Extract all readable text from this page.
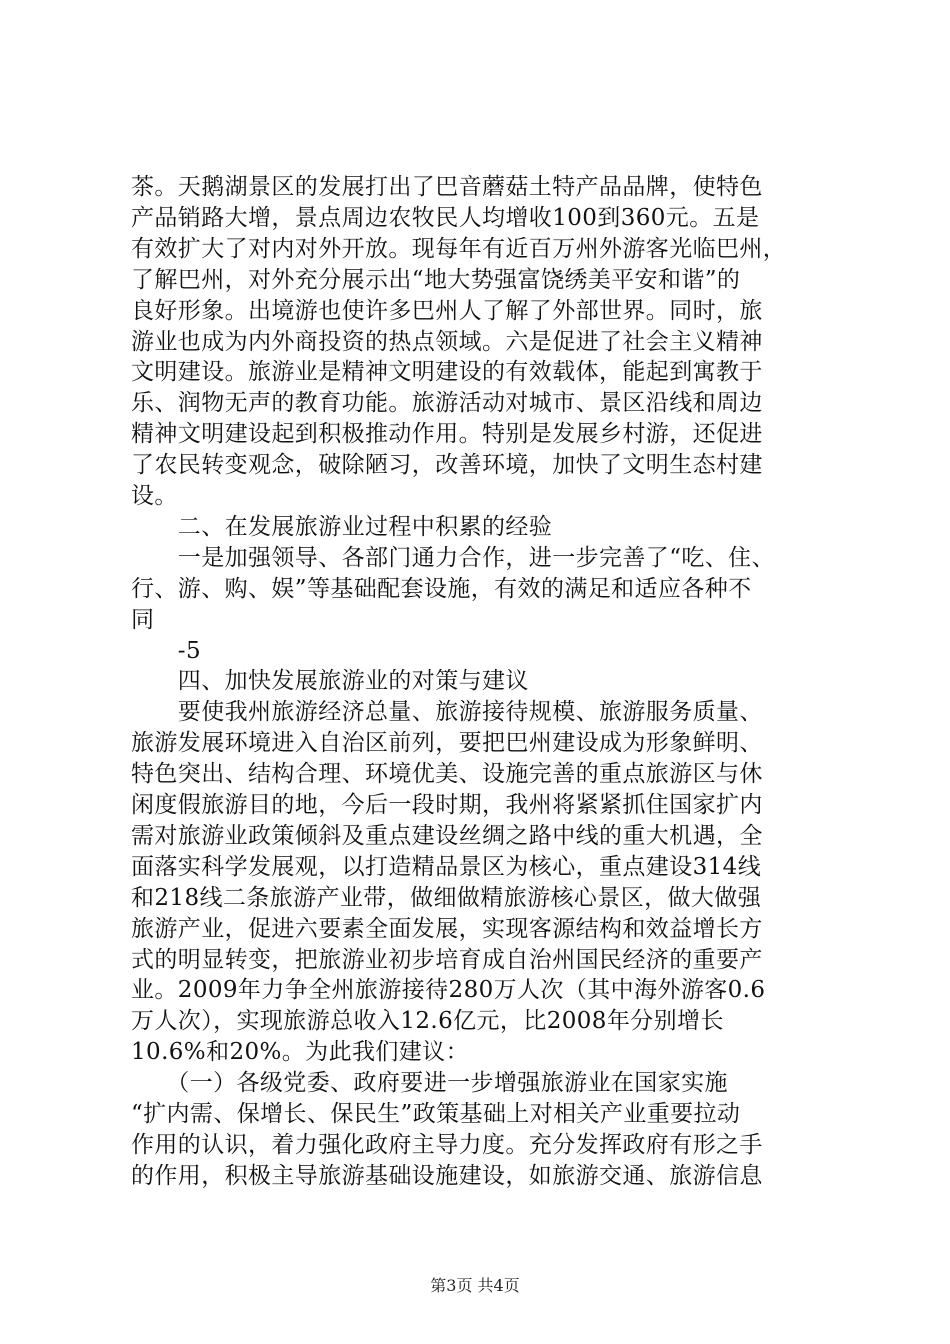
茶。天鹅湖景区的发展打出了巴音蘑菇土特产品品牌，使特色
产品销路大增，景点周边农牧民人均增收100到360元。五是
有效扩大了对内对外开放。现每年有近百万州外游客光临巴州，
了解巴州，对外充分展示出“地大势强富饶绣美平安和谐”的
良好形象。出境游也使许多巴州人了解了外部世界。同时，旅
游业也成为内外商投资的热点领域。六是促进了社会主义精神
文明建设。旅游业是精神文明建设的有效载体，能起到寓教于
乐、润物无声的教育功能。旅游活动对城市、景区沿线和周边
精神文明建设起到积极推动作用。特别是发展乡村游，还促进
了农民转变观念，破除陋习，改善环境，加快了文明生态村建
设。
　　二、在发展旅游业过程中积累的经验
　　一是加强领导、各部门通力合作，进一步完善了“吃、住、
行、游、购、娱”等基础配套设施，有效的满足和适应各种不
同
　　-5
　　四、加快发展旅游业的对策与建议
　　要使我州旅游经济总量、旅游接待规模、旅游服务质量、
旅游发展环境进入自治区前列，要把巴州建设成为形象鲜明、
特色突出、结构合理、环境优美、设施完善的重点旅游区与休
闲度假旅游目的地，今后一段时期，我州将紧紧抓住国家扩内
需对旅游业政策倾斜及重点建设丝绸之路中线的重大机遇，全
面落实科学发展观，以打造精品景区为核心，重点建设314线
和218线二条旅游产业带，做细做精旅游核心景区，做大做强
旅游产业，促进六要素全面发展，实现客源结构和效益增长方
式的明显转变，把旅游业初步培育成自治州国民经济的重要产
业。2009年力争全州旅游接待280万人次（其中海外游客0.6
万人次），实现旅游总收入12.6亿元，比2008年分别增长
10.6%和20%。为此我们建议：
　　（一）各级党委、政府要进一步增强旅游业在国家实施
“扩内需、保增长、保民生”政策基础上对相关产业重要拉动
作用的认识，着力强化政府主导力度。充分发挥政府有形之手
的作用，积极主导旅游基础设施建设，如旅游交通、旅游信息
第3页 共4页
